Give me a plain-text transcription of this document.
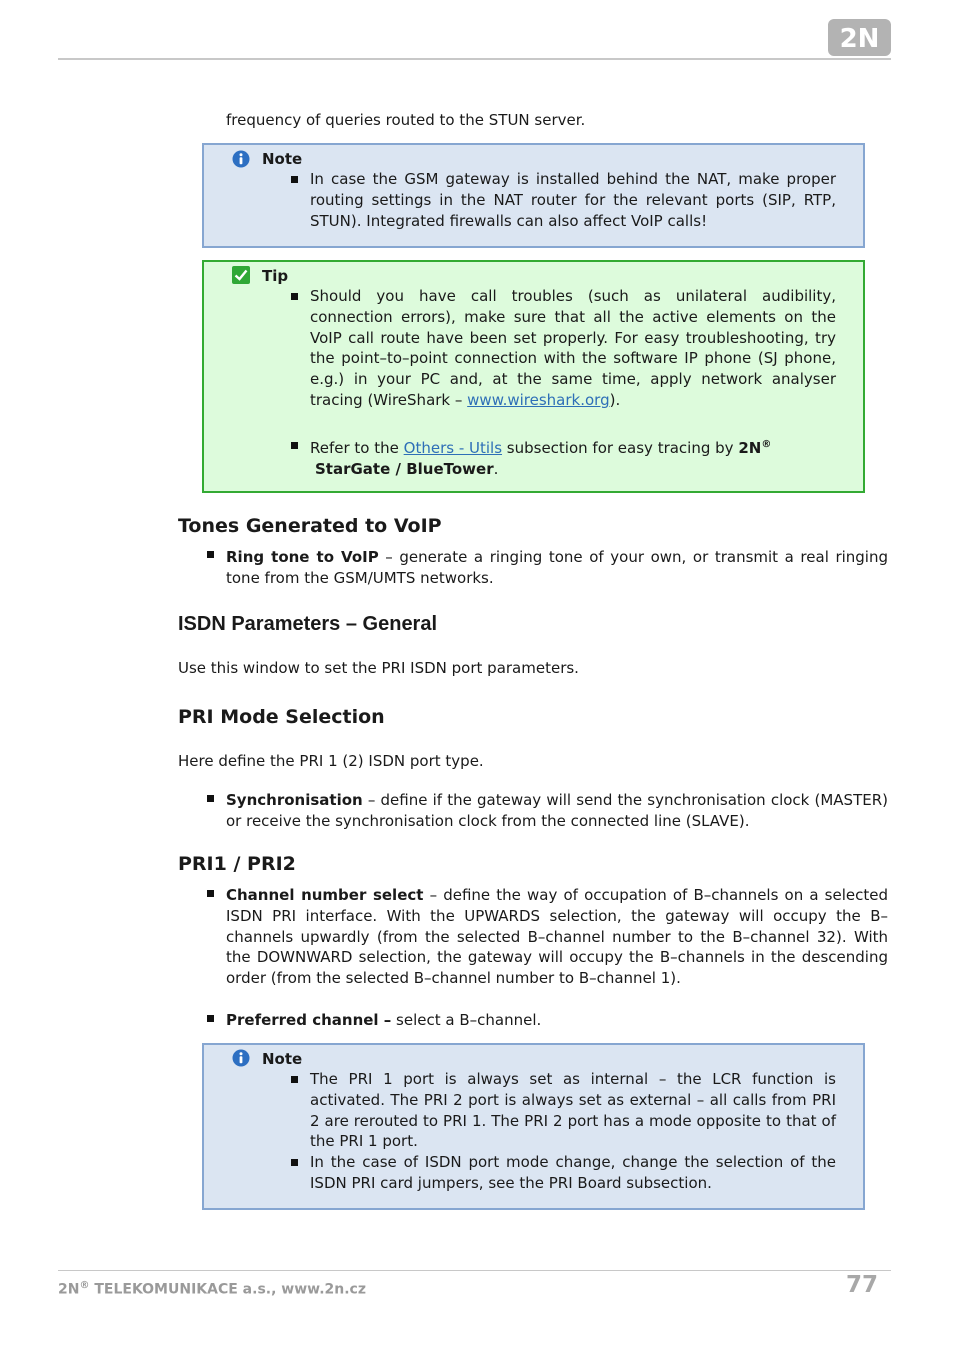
2N
frequency of queries routed to the STUN server.
Note
In case the GSM gateway is installed behind the NAT, make proper routing settings in the NAT router for the relevant ports (SIP, RTP, STUN). Integrated firewalls can also affect VoIP calls!
Tip
Should you have call troubles (such as unilateral audibility, connection errors), make sure that all the active elements on the VoIP call route have been set properly. For easy troubleshooting, try the point–to–point connection with the software IP phone (SJ phone, e.g.) in your PC and, at the same time, apply network analyser tracing (WireShark – www.wireshark.org).
Refer to the Others - Utils subsection for easy tracing by 2N®
StarGate / BlueTower.
Tones Generated to VoIP
Ring tone to VoIP – generate a ringing tone of your own, or transmit a real ringing tone from the GSM/UMTS networks.
ISDN Parameters – General
Use this window to set the PRI ISDN port parameters.
PRI Mode Selection
Here define the PRI 1 (2) ISDN port type.
Synchronisation – define if the gateway will send the synchronisation clock (MASTER) or receive the synchronisation clock from the connected line (SLAVE).
PRI1 / PRI2
Channel number select – define the way of occupation of B–channels on a selected ISDN PRI interface. With the UPWARDS selection, the gateway will occupy the B–channels upwardly (from the selected B–channel number to the B–channel 32). With the DOWNWARD selection, the gateway will occupy the B–channels in the descending order (from the selected B–channel number to B–channel 1).
Preferred channel – select a B–channel.
Note
The PRI 1 port is always set as internal – the LCR function is activated. The PRI 2 port is always set as external – all calls from PRI 2 are rerouted to PRI 1. The PRI 2 port has a mode opposite to that of the PRI 1 port.
In the case of ISDN port mode change, change the selection of the ISDN PRI card jumpers, see the PRI Board subsection.
2N® TELEKOMUNIKACE a.s., www.2n.cz	77
